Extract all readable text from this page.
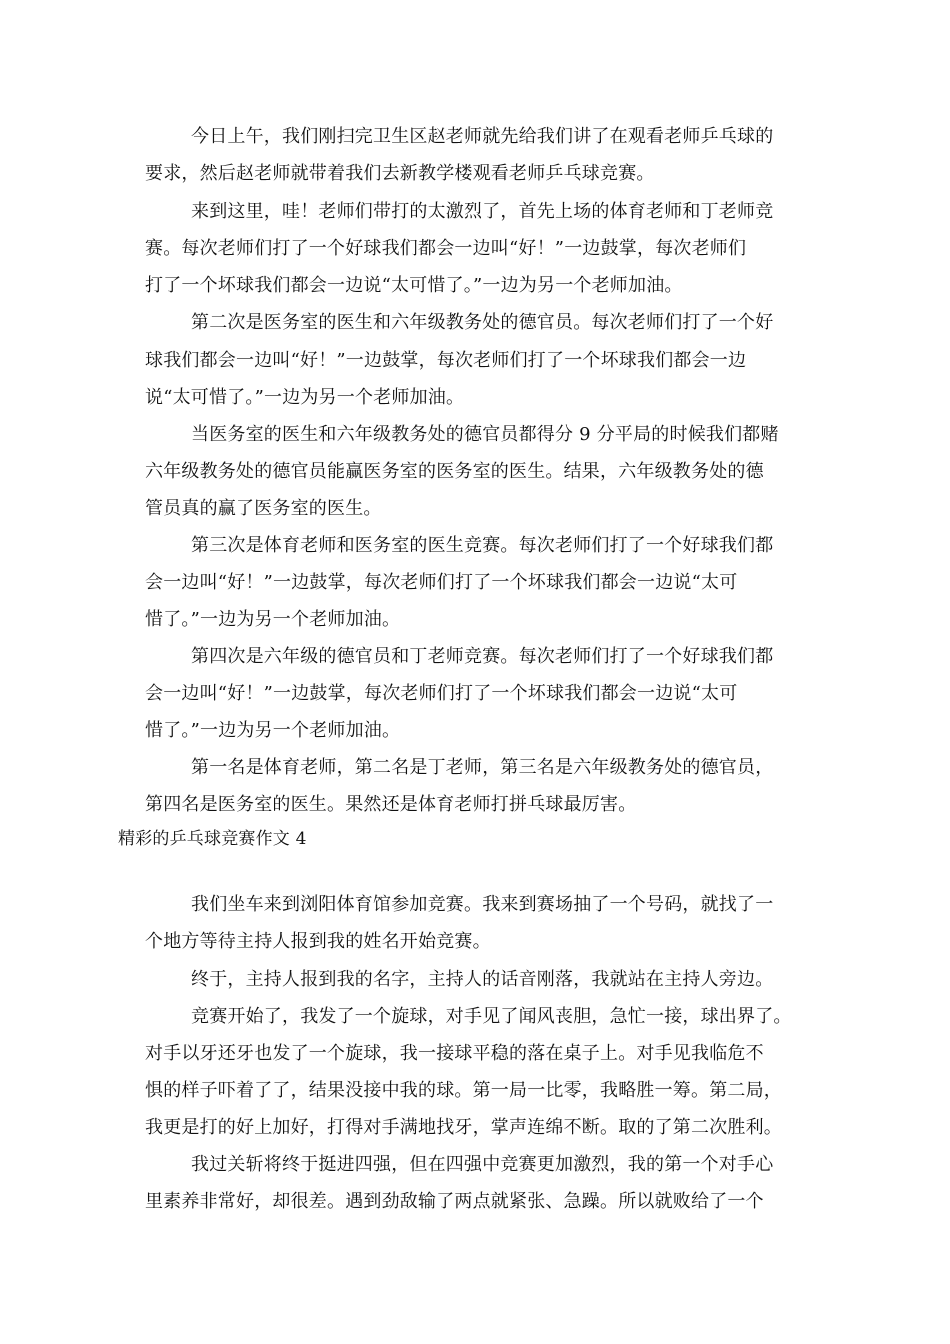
今日上午，我们刚扫完卫生区赵老师就先给我们讲了在观看老师乒乓球的
要求，然后赵老师就带着我们去新教学楼观看老师乒乓球竞赛。
来到这里，哇！老师们带打的太激烈了，首先上场的体育老师和丁老师竞
赛。每次老师们打了一个好球我们都会一边叫“好！”一边鼓掌，每次老师们
打了一个坏球我们都会一边说“太可惜了。”一边为另一个老师加油。
第二次是医务室的医生和六年级教务处的德官员。每次老师们打了一个好
球我们都会一边叫“好！”一边鼓掌，每次老师们打了一个坏球我们都会一边
说“太可惜了。”一边为另一个老师加油。
当医务室的医生和六年级教务处的德官员都得分 9 分平局的时候我们都赌
六年级教务处的德官员能赢医务室的医务室的医生。结果，六年级教务处的德
管员真的赢了医务室的医生。
第三次是体育老师和医务室的医生竞赛。每次老师们打了一个好球我们都
会一边叫“好！”一边鼓掌，每次老师们打了一个坏球我们都会一边说“太可
惜了。”一边为另一个老师加油。
第四次是六年级的德官员和丁老师竞赛。每次老师们打了一个好球我们都
会一边叫“好！”一边鼓掌，每次老师们打了一个坏球我们都会一边说“太可
惜了。”一边为另一个老师加油。
第一名是体育老师，第二名是丁老师，第三名是六年级教务处的德官员，
第四名是医务室的医生。果然还是体育老师打拼乓球最厉害。
精彩的乒乓球竞赛作文 4
我们坐车来到浏阳体育馆参加竞赛。我来到赛场抽了一个号码，就找了一
个地方等待主持人报到我的姓名开始竞赛。
终于，主持人报到我的名字，主持人的话音刚落，我就站在主持人旁边。
竞赛开始了，我发了一个旋球，对手见了闻风丧胆，急忙一接，球出界了。
对手以牙还牙也发了一个旋球，我一接球平稳的落在桌子上。对手见我临危不
惧的样子吓着了了，结果没接中我的球。第一局一比零，我略胜一筹。第二局，
我更是打的好上加好，打得对手满地找牙，掌声连绵不断。取的了第二次胜利。
我过关斩将终于挺进四强，但在四强中竞赛更加激烈，我的第一个对手心
里素养非常好，却很差。遇到劲敌输了两点就紧张、急躁。所以就败给了一个
